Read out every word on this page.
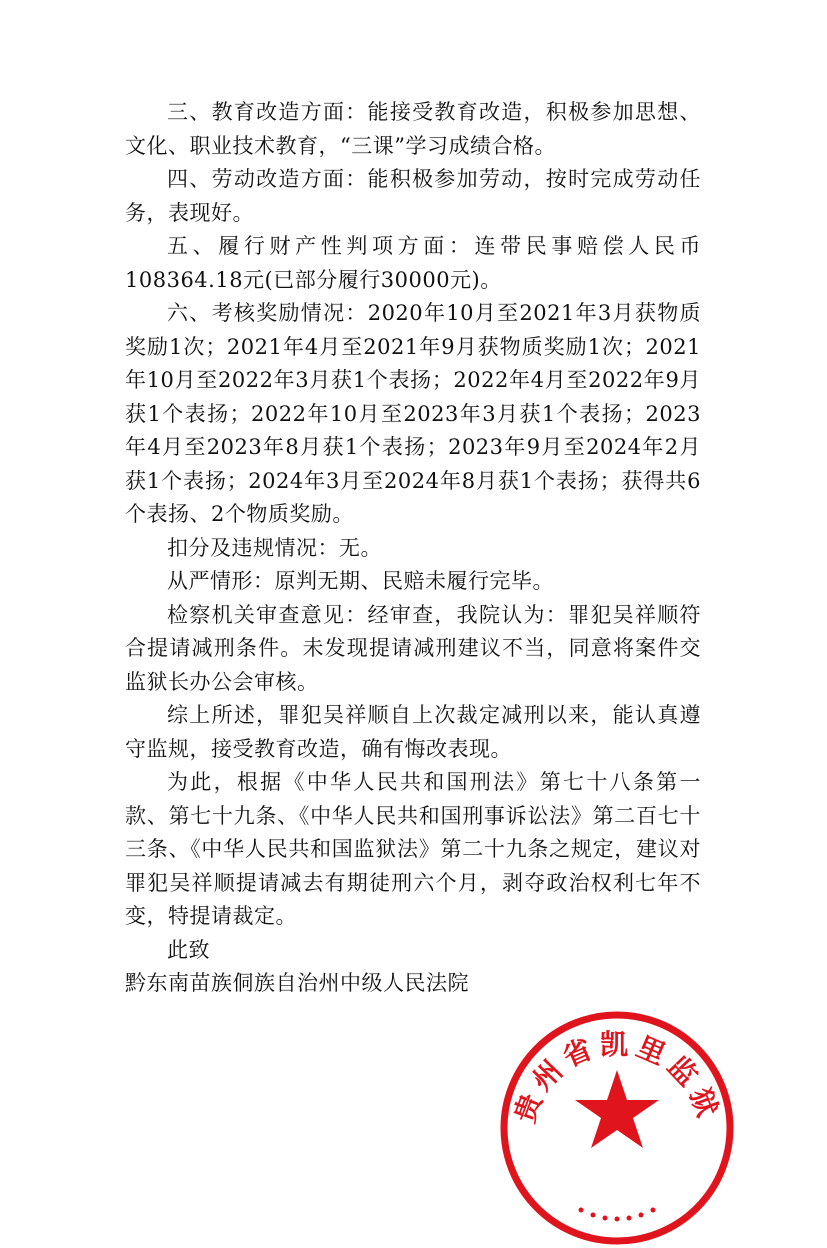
三、教育改造方面：能接受教育改造，积极参加思想、文化、职业技术教育，“三课”学习成绩合格。

四、劳动改造方面：能积极参加劳动，按时完成劳动任务，表现好。

五、履行财产性判项方面：连带民事赔偿人民币108364.18元(已部分履行30000元)。

六、考核奖励情况：2020年10月至2021年3月获物质奖励1次；2021年4月至2021年9月获物质奖励1次；2021年10月至2022年3月获1个表扬；2022年4月至2022年9月获1个表扬；2022年10月至2023年3月获1个表扬；2023年4月至2023年8月获1个表扬；2023年9月至2024年2月获1个表扬；2024年3月至2024年8月获1个表扬；获得共6个表扬、2个物质奖励。

扣分及违规情况：无。

从严情形：原判无期、民赔未履行完毕。

检察机关审查意见：经审查，我院认为：罪犯吴祥顺符合提请减刑条件。未发现提请减刑建议不当，同意将案件交监狱长办公会审核。

综上所述，罪犯吴祥顺自上次裁定减刑以来，能认真遵守监规，接受教育改造，确有悔改表现。

为此，根据《中华人民共和国刑法》第七十八条第一款、第七十九条、《中华人民共和国刑事诉讼法》第二百七十三条、《中华人民共和国监狱法》第二十九条之规定，建议对罪犯吴祥顺提请减去有期徒刑六个月，剥夺政治权利七年不变，特提请裁定。

此致

黔东南苗族侗族自治州中级人民法院

贵州省凯里监狱
